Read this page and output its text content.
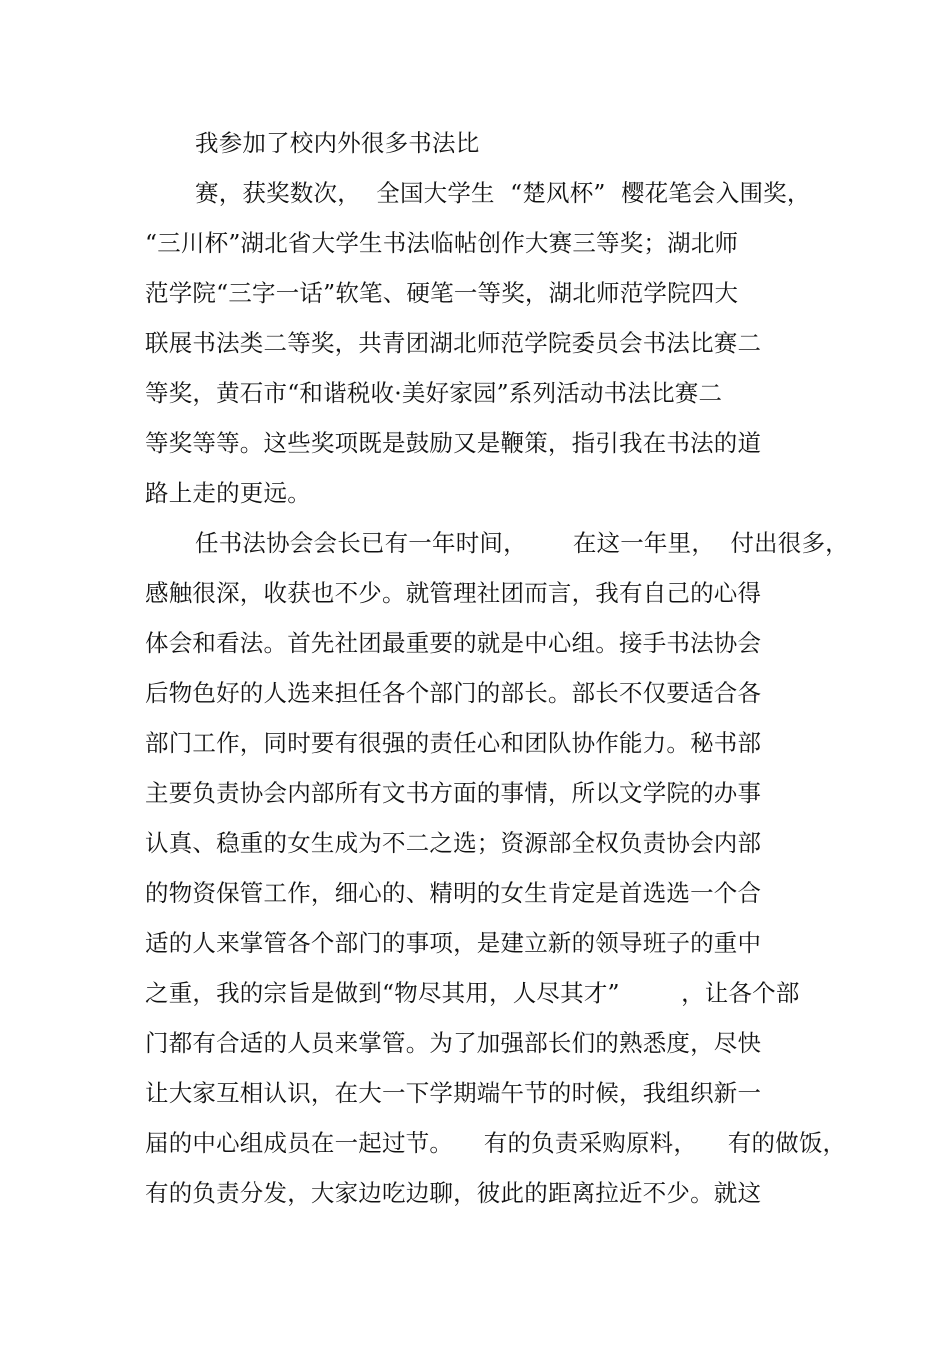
我参加了校内外很多书法比
赛，获奖数次，  全国大学生  “楚风杯”  樱花笔会入围奖，
“三川杯”湖北省大学生书法临帖创作大赛三等奖；湖北师
范学院“三字一话”软笔、硬笔一等奖，湖北师范学院四大
联展书法类二等奖，共青团湖北师范学院委员会书法比赛二
等奖，黄石市“和谐税收·美好家园”系列活动书法比赛二
等奖等等。这些奖项既是鼓励又是鞭策，指引我在书法的道
路上走的更远。
任书法协会会长已有一年时间，      在这一年里，  付出很多，
感触很深，收获也不少。就管理社团而言，我有自己的心得
体会和看法。首先社团最重要的就是中心组。接手书法协会
后物色好的人选来担任各个部门的部长。部长不仅要适合各
部门工作，同时要有很强的责任心和团队协作能力。秘书部
主要负责协会内部所有文书方面的事情，所以文学院的办事
认真、稳重的女生成为不二之选；资源部全权负责协会内部
的物资保管工作，细心的、精明的女生肯定是首选选一个合
适的人来掌管各个部门的事项，是建立新的领导班子的重中
之重，我的宗旨是做到“物尽其用，人尽其才”        ，让各个部
门都有合适的人员来掌管。为了加强部长们的熟悉度，尽快
让大家互相认识，在大一下学期端午节的时候，我组织新一
届的中心组成员在一起过节。    有的负责采购原料，    有的做饭，
有的负责分发，大家边吃边聊，彼此的距离拉近不少。就这
